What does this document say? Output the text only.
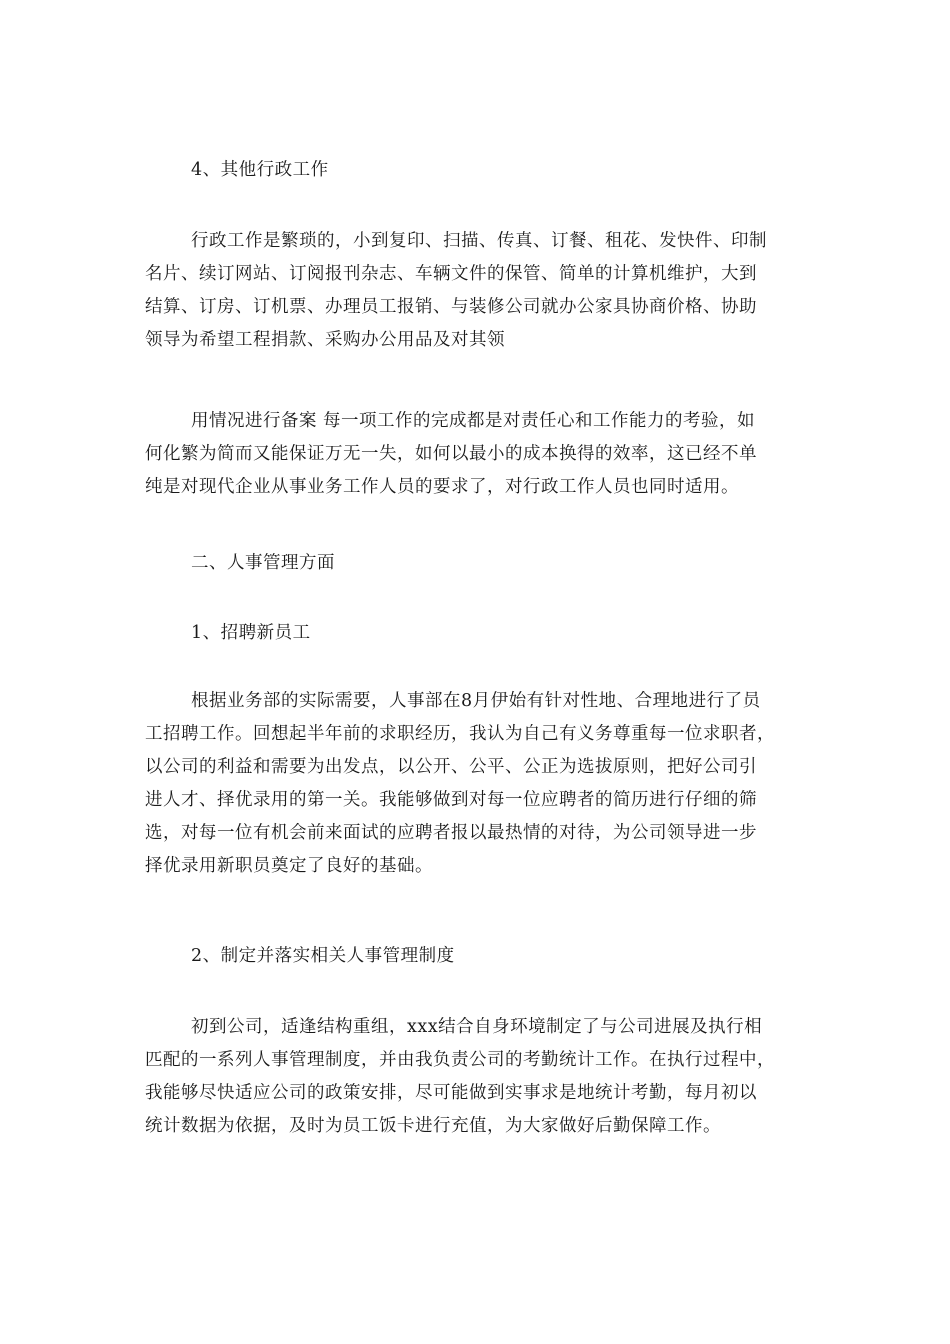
4、其他行政工作
行政工作是繁琐的，小到复印、扫描、传真、订餐、租花、发快件、印制
名片、续订网站、订阅报刊杂志、车辆文件的保管、简单的计算机维护，大到
结算、订房、订机票、办理员工报销、与装修公司就办公家具协商价格、协助
领导为希望工程捐款、采购办公用品及对其领
用情况进行备案 每一项工作的完成都是对责任心和工作能力的考验，如
何化繁为简而又能保证万无一失，如何以最小的成本换得的效率，这已经不单
纯是对现代企业从事业务工作人员的要求了，对行政工作人员也同时适用。
二、人事管理方面
1、招聘新员工
根据业务部的实际需要，人事部在8月伊始有针对性地、合理地进行了员
工招聘工作。回想起半年前的求职经历，我认为自己有义务尊重每一位求职者，
以公司的利益和需要为出发点，以公开、公平、公正为选拔原则，把好公司引
进人才、择优录用的第一关。我能够做到对每一位应聘者的简历进行仔细的筛
选，对每一位有机会前来面试的应聘者报以最热情的对待，为公司领导进一步
择优录用新职员奠定了良好的基础。
2、制定并落实相关人事管理制度
初到公司，适逢结构重组，xxx结合自身环境制定了与公司进展及执行相
匹配的一系列人事管理制度，并由我负责公司的考勤统计工作。在执行过程中，
我能够尽快适应公司的政策安排，尽可能做到实事求是地统计考勤，每月初以
统计数据为依据，及时为员工饭卡进行充值，为大家做好后勤保障工作。
